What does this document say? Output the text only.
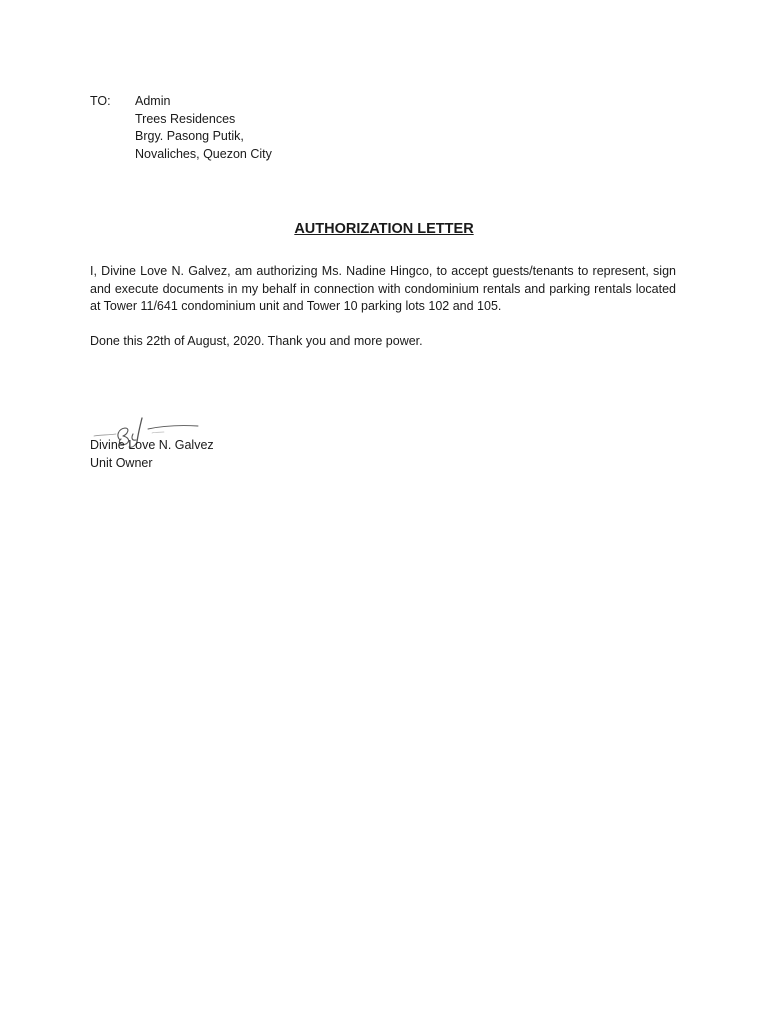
TO: Admin
Trees Residences
Brgy. Pasong Putik,
Novaliches, Quezon City
AUTHORIZATION LETTER
I, Divine Love N. Galvez, am authorizing Ms. Nadine Hingco, to accept guests/tenants to represent, sign and execute documents in my behalf in connection with condominium rentals and parking rentals located at Tower 11/641 condominium unit and Tower 10 parking lots 102 and 105.
Done this 22th of August, 2020. Thank you and more power.
Divine Love N. Galvez
Unit Owner
